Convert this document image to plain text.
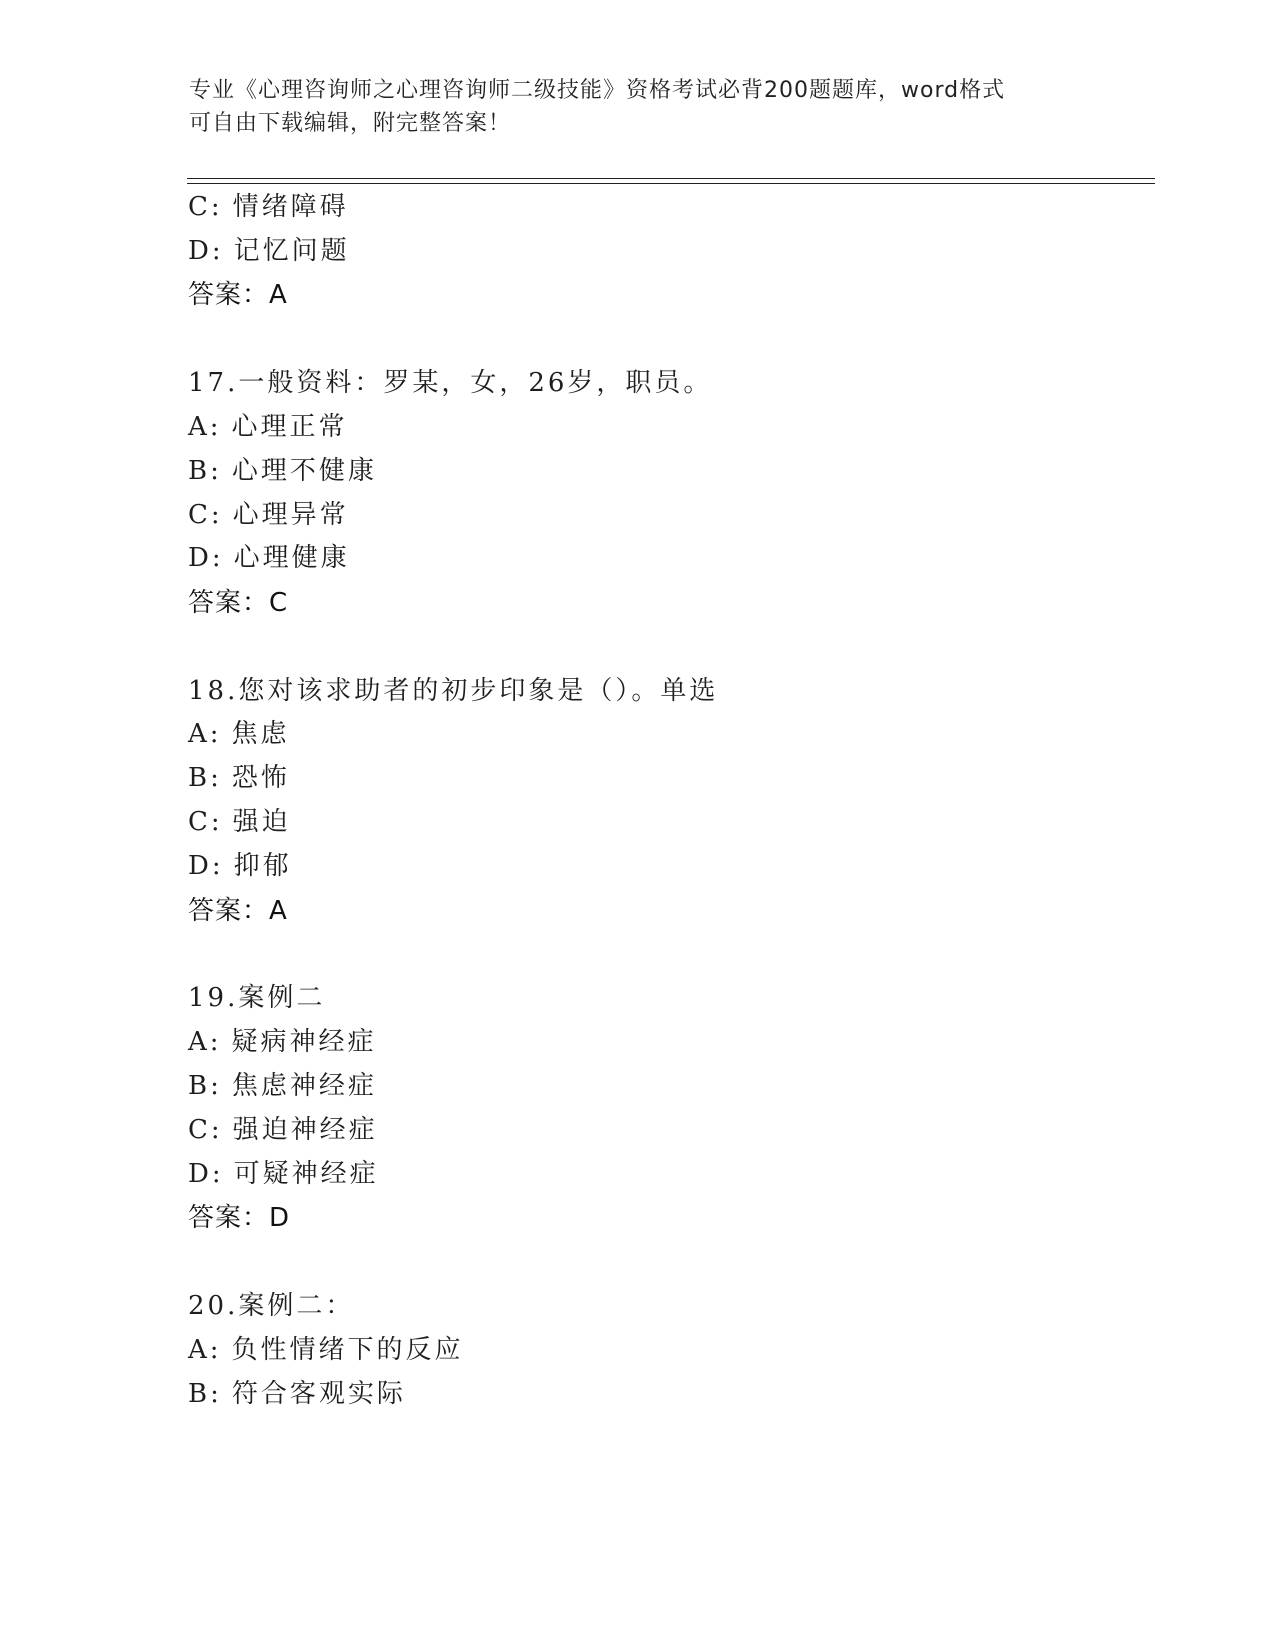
专业《心理咨询师之心理咨询师二级技能》资格考试必背200题题库，word格式
可自由下载编辑，附完整答案！
C: 情绪障碍
D: 记忆问题
答案：A
17.一般资料：罗某，女，26岁，职员。
A: 心理正常
B: 心理不健康
C: 心理异常
D: 心理健康
答案：C
18.您对该求助者的初步印象是（）。单选
A: 焦虑
B: 恐怖
C: 强迫
D: 抑郁
答案：A
19.案例二
A: 疑病神经症
B: 焦虑神经症
C: 强迫神经症
D: 可疑神经症
答案：D
20.案例二：
A: 负性情绪下的反应
B: 符合客观实际
